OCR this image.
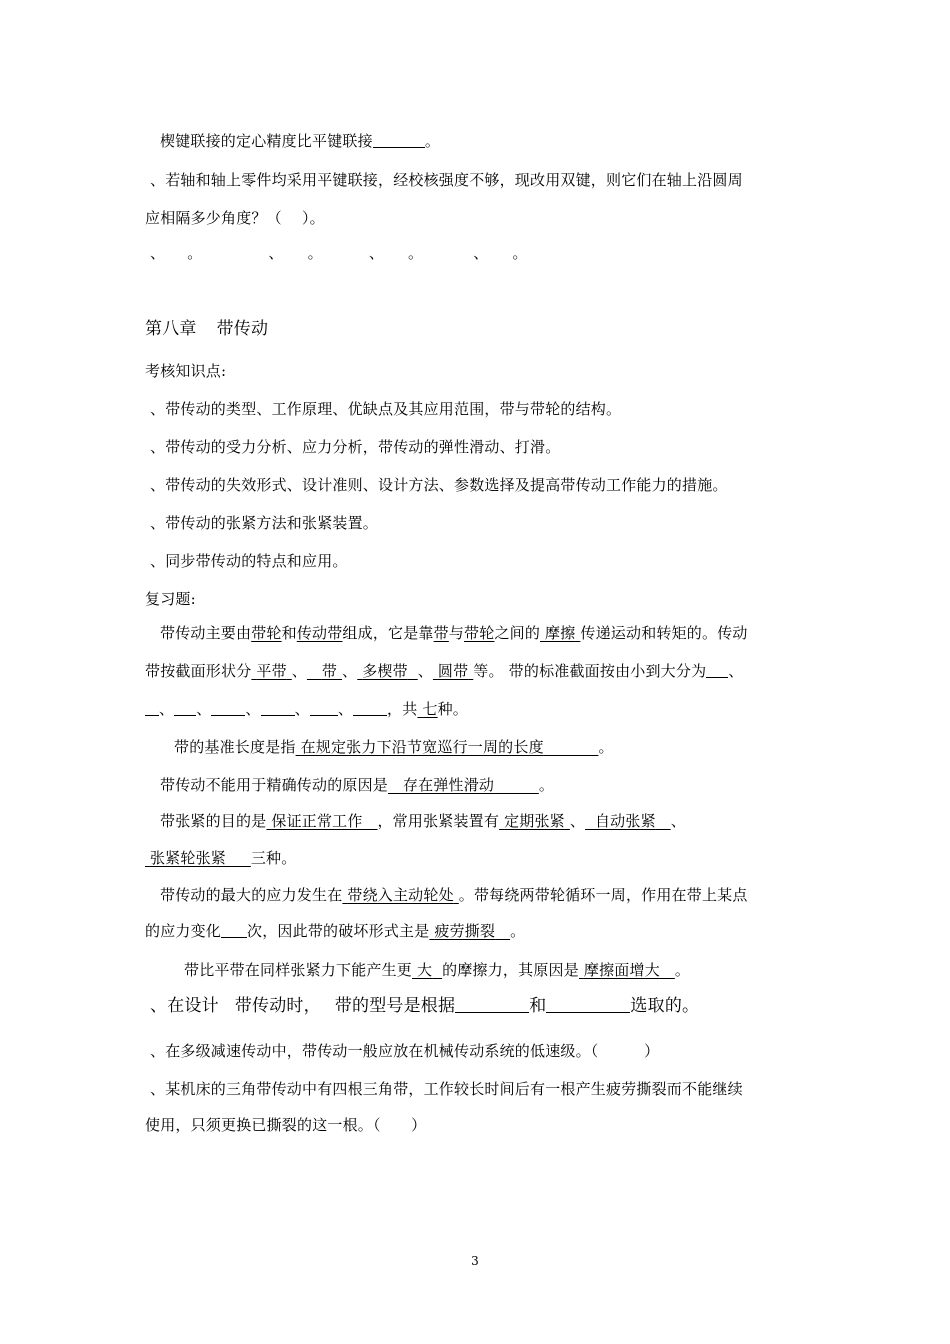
楔键联接的定心精度比平键联接	。
、若轴和轴上零件均采用平键联接，经校核强度不够，现改用双键，则它们在轴上沿圆周
应相隔多少角度？（　 ）。
、 。	、 。	、 。	、 。
第八章 带传动
考核知识点:
、带传动的类型、工作原理、优缺点及其应用范围，带与带轮的结构。
、带传动的受力分析、应力分析，带传动的弹性滑动、打滑。
、带传动的失效形式、设计准则、设计方法、参数选择及提高带传动工作能力的措施。
、带传动的张紧方法和张紧装置。
、同步带传动的特点和应用。
复习题:
带传动主要由带轮和传动带组成，它是靠带与带轮之间的 摩擦 传递运动和转矩的。传动
带按截面形状分 平带 、 带 、 多楔带 、 圆带 等。 带的标准截面按由小到大分为 、
、 、 、 、 、 ，共 七种。
带的基准长度是指 在规定张力下沿节宽巡行一周的长度	。
带传动不能用于精确传动的原因是 存在弹性滑动	。
带张紧的目的是 保证正常工作 ，常用张紧装置有 定期张紧 、 自动张紧 、
张紧轮张紧 三种。
带传动的最大的应力发生在 带绕入主动轮处 。带每绕两带轮循环一周，作用在带上某点
的应力变化 次，因此带的破坏形式主是 疲劳撕裂 。
带比平带在同样张紧力下能产生更 大 的摩擦力，其原因是 摩擦面增大 。
、在设计 带传动时， 带的型号是根据	和	选取的。
、在多级减速传动中，带传动一般应放在机械传动系统的低速级。（　　　）
、某机床的三角带传动中有四根三角带，工作较长时间后有一根产生疲劳撕裂而不能继续
使用，只须更换已撕裂的这一根。（　　）
3
